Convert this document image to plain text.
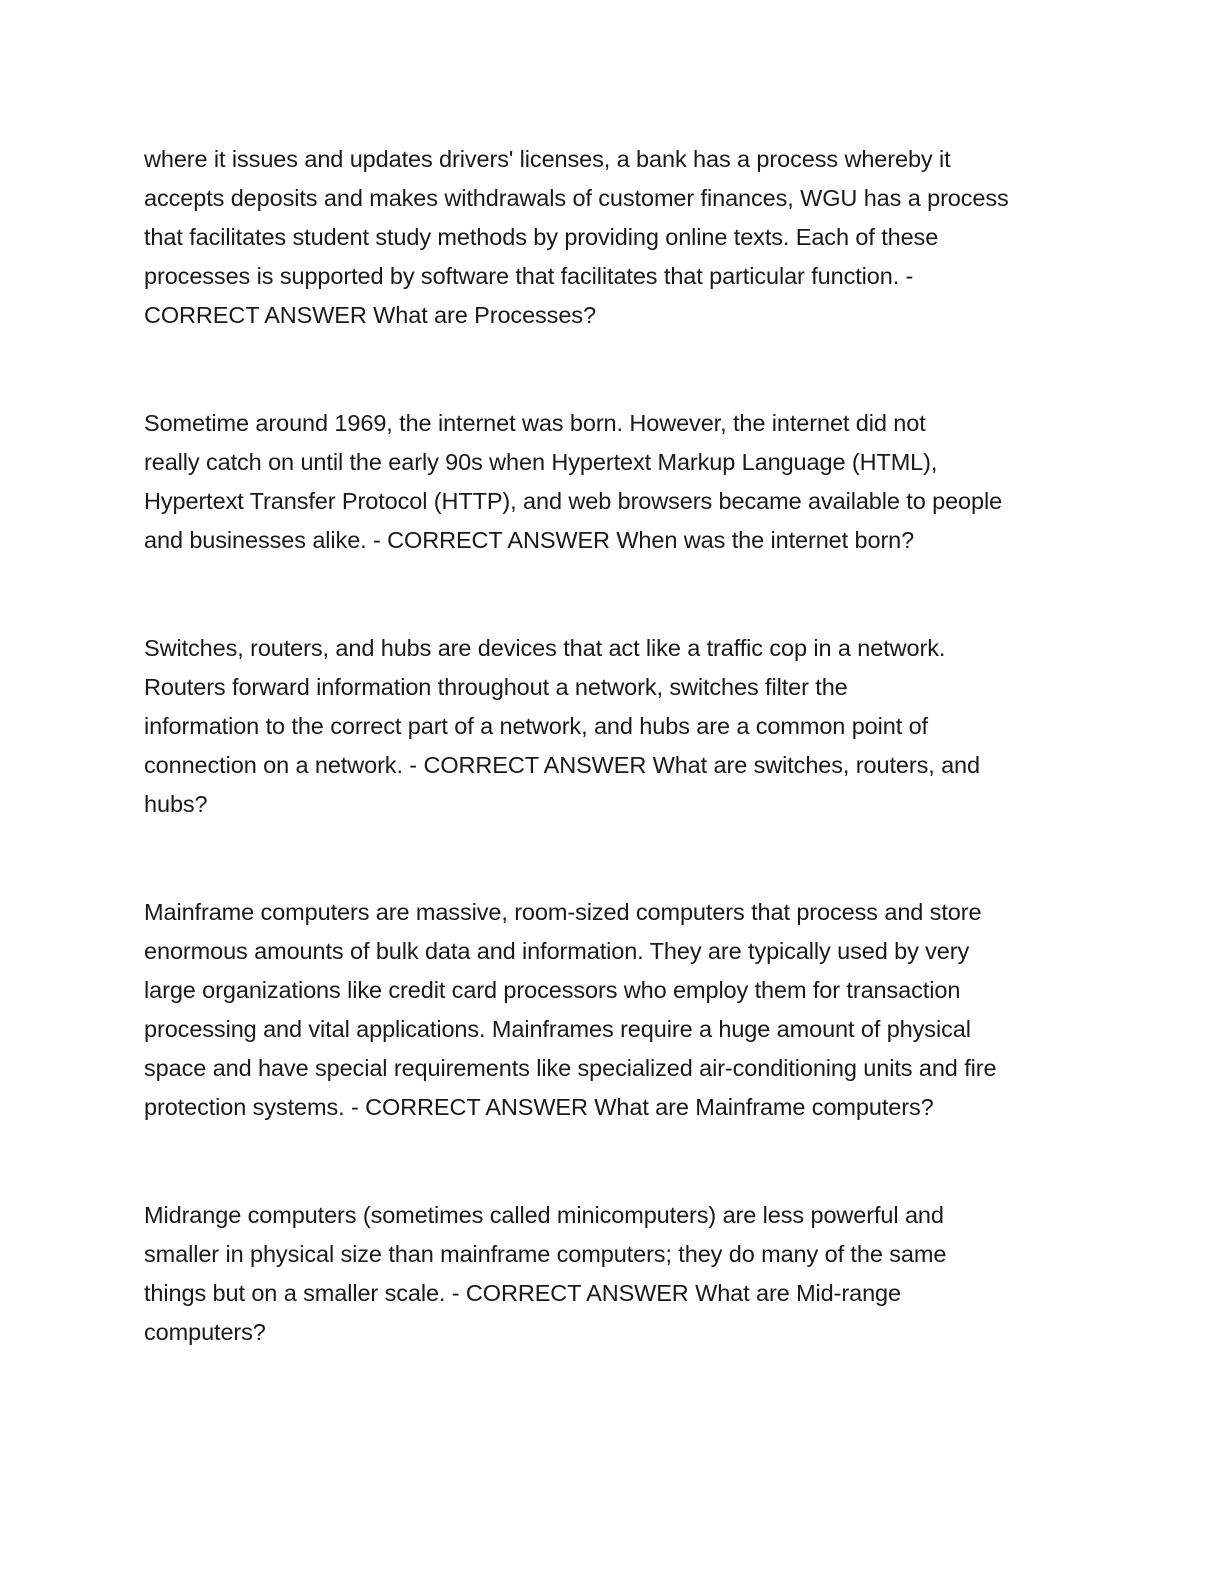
where it issues and updates drivers' licenses, a bank has a process whereby it
accepts deposits and makes withdrawals of customer finances, WGU has a process
that facilitates student study methods by providing online texts. Each of these
processes is supported by software that facilitates that particular function. -
CORRECT ANSWER What are Processes?

Sometime around 1969, the internet was born. However, the internet did not
really catch on until the early 90s when Hypertext Markup Language (HTML),
Hypertext Transfer Protocol (HTTP), and web browsers became available to people
and businesses alike. - CORRECT ANSWER When was the internet born?

Switches, routers, and hubs are devices that act like a traffic cop in a network.
Routers forward information throughout a network, switches filter the
information to the correct part of a network, and hubs are a common point of
connection on a network. - CORRECT ANSWER What are switches, routers, and
hubs?

Mainframe computers are massive, room-sized computers that process and store
enormous amounts of bulk data and information. They are typically used by very
large organizations like credit card processors who employ them for transaction
processing and vital applications. Mainframes require a huge amount of physical
space and have special requirements like specialized air-conditioning units and fire
protection systems. - CORRECT ANSWER What are Mainframe computers?

Midrange computers (sometimes called minicomputers) are less powerful and
smaller in physical size than mainframe computers; they do many of the same
things but on a smaller scale. - CORRECT ANSWER What are Mid-range
computers?
